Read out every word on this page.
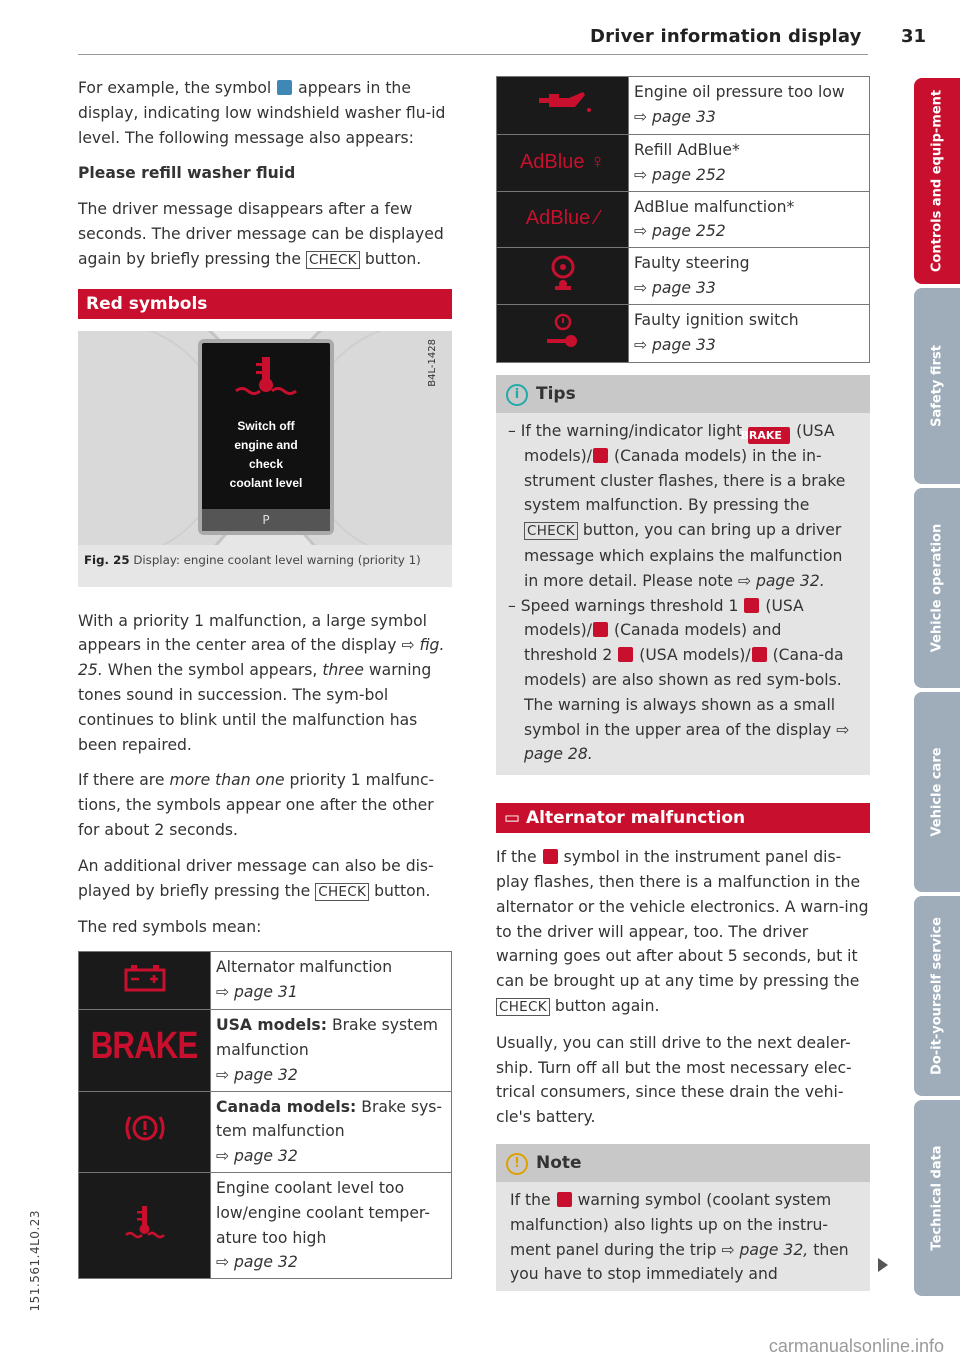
Driver information display 31

For example, the symbol appears in the display, indicating low windshield washer flu-id level. The following message also appears:

Please refill washer fluid

The driver message disappears after a few seconds. The driver message can be displayed again by briefly pressing the CHECK button.

Red symbols
Switch off
engine and
check
coolant level
P
B4L-1428
Fig. 25 Display: engine coolant level warning (priority 1)

With a priority 1 malfunction, a large symbol appears in the center area of the display ⇨ fig. 25. When the symbol appears, three warning tones sound in succession. The sym-bol continues to blink until the malfunction has been repaired.

If there are more than one priority 1 malfunc-tions, the symbols appear one after the other for about 2 seconds.

An additional driver message can also be dis-played by briefly pressing the CHECK button.

The red symbols mean:

Alternator malfunction
⇨ page 31

BRAKE	USA models: Brake system malfunction
⇨ page 32

	Canada models: Brake sys-tem malfunction
⇨ page 32

Engine coolant level too low/engine coolant temper-ature too high
⇨ page 32

Engine oil pressure too low
⇨ page 33

AdBlue ♀	Refill AdBlue*
⇨ page 252

AdBlue ⁄	AdBlue malfunction*
⇨ page 252

Faulty steering
⇨ page 33

Faulty ignition switch
⇨ page 33
i Tips
– If the warning/indicator light BRAKE (USA models)/ (Canada models) in the in-strument cluster flashes, there is a brake system malfunction. By pressing the CHECK button, you can bring up a driver message which explains the malfunction in more detail. Please note ⇨ page 32.
– Speed warnings threshold 1 (USA models)/ (Canada models) and threshold 2 (USA models)/ (Cana-da models) are also shown as red sym-bols. The warning is always shown as a small symbol in the upper area of the display ⇨ page 28.
▭ Alternator malfunction

If the symbol in the instrument panel dis-play flashes, then there is a malfunction in the alternator or the vehicle electronics. A warn-ing to the driver will appear, too. The driver warning goes out after about 5 seconds, but it can be brought up at any time by pressing the CHECK button again.

Usually, you can still drive to the next dealer-ship. Turn off all but the most necessary elec-trical consumers, since these drain the vehi-cle's battery.

! Note
If the warning symbol (coolant system malfunction) also lights up on the instru-ment panel during the trip ⇨ page 32, then you have to stop immediately and
Controls and equip-ment
Safety first
Vehicle operation
Vehicle care
Do-it-yourself service
Technical data
151.561.4L0.23
carmanualsonline.info
